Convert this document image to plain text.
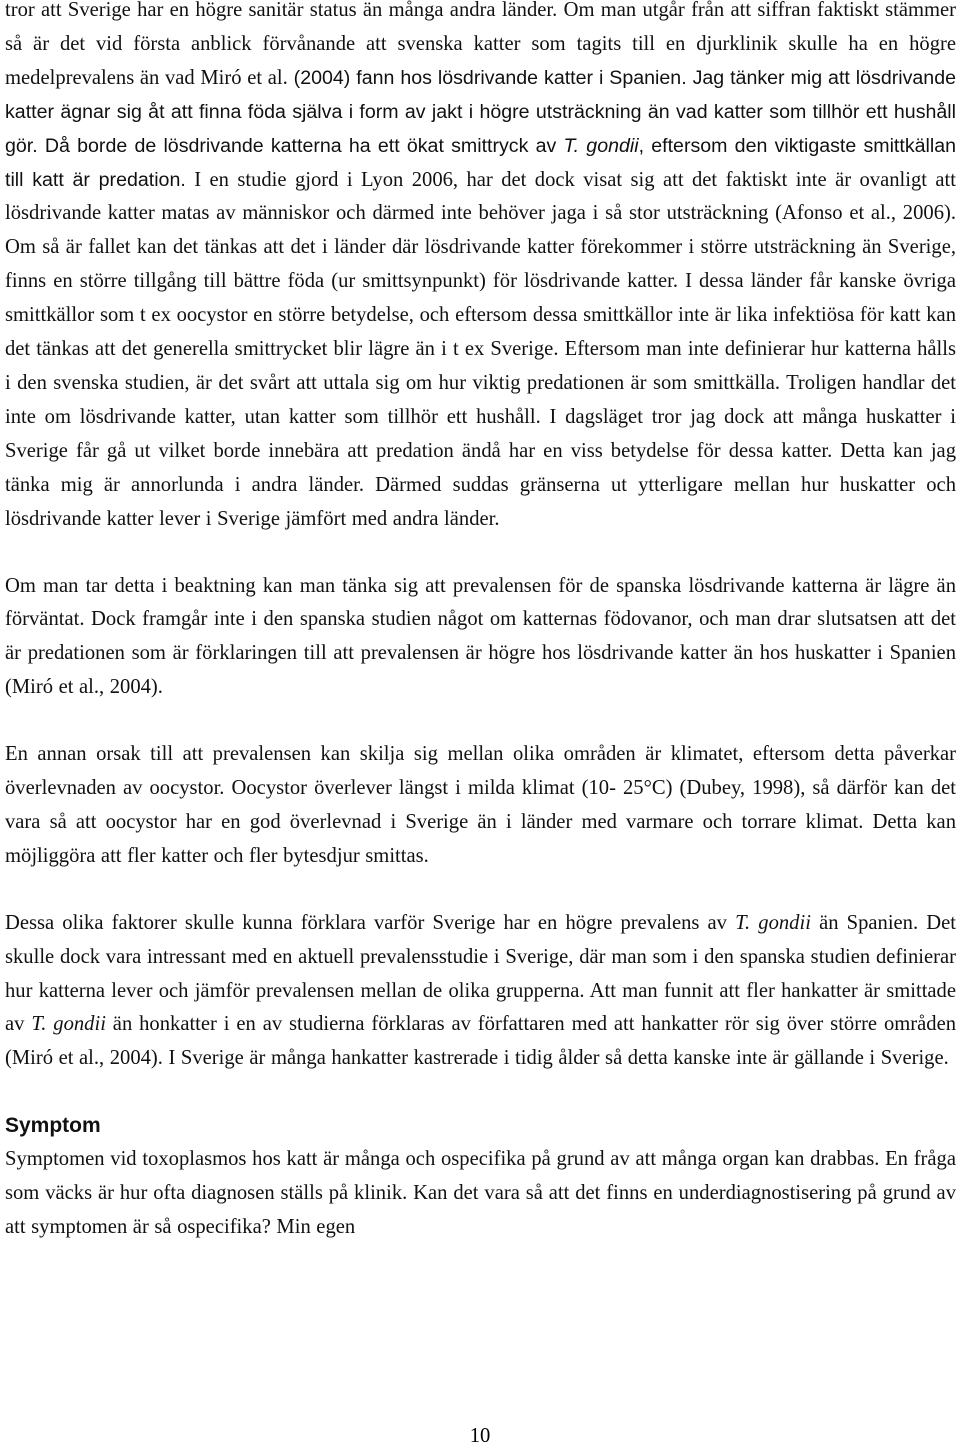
tror att Sverige har en högre sanitär status än många andra länder. Om man utgår från att siffran faktiskt stämmer så är det vid första anblick förvånande att svenska katter som tagits till en djurklinik skulle ha en högre medelprevalens än vad Miró et al. (2004) fann hos lösdrivande katter i Spanien. Jag tänker mig att lösdrivande katter ägnar sig åt att finna föda själva i form av jakt i högre utsträckning än vad katter som tillhör ett hushåll gör. Då borde de lösdrivande katterna ha ett ökat smittryck av T. gondii, eftersom den viktigaste smittkällan till katt är predation. I en studie gjord i Lyon 2006, har det dock visat sig att det faktiskt inte är ovanligt att lösdrivande katter matas av människor och därmed inte behöver jaga i så stor utsträckning (Afonso et al., 2006). Om så är fallet kan det tänkas att det i länder där lösdrivande katter förekommer i större utsträckning än Sverige, finns en större tillgång till bättre föda (ur smittsynpunkt) för lösdrivande katter. I dessa länder får kanske övriga smittkällor som t ex oocystor en större betydelse, och eftersom dessa smittkällor inte är lika infektiösa för katt kan det tänkas att det generella smittrycket blir lägre än i t ex Sverige. Eftersom man inte definierar hur katterna hålls i den svenska studien, är det svårt att uttala sig om hur viktig predationen är som smittkälla. Troligen handlar det inte om lösdrivande katter, utan katter som tillhör ett hushåll. I dagsläget tror jag dock att många huskatter i Sverige får gå ut vilket borde innebära att predation ändå har en viss betydelse för dessa katter. Detta kan jag tänka mig är annorlunda i andra länder. Därmed suddas gränserna ut ytterligare mellan hur huskatter och lösdrivande katter lever i Sverige jämfört med andra länder.

Om man tar detta i beaktning kan man tänka sig att prevalensen för de spanska lösdrivande katterna är lägre än förväntat. Dock framgår inte i den spanska studien något om katternas födovanor, och man drar slutsatsen att det är predationen som är förklaringen till att prevalensen är högre hos lösdrivande katter än hos huskatter i Spanien (Miró et al., 2004).

En annan orsak till att prevalensen kan skilja sig mellan olika områden är klimatet, eftersom detta påverkar överlevnaden av oocystor. Oocystor överlever längst i milda klimat (10- 25°C) (Dubey, 1998), så därför kan det vara så att oocystor har en god överlevnad i Sverige än i länder med varmare och torrare klimat. Detta kan möjliggöra att fler katter och fler bytesdjur smittas.

Dessa olika faktorer skulle kunna förklara varför Sverige har en högre prevalens av T. gondii än Spanien. Det skulle dock vara intressant med en aktuell prevalensstudie i Sverige, där man som i den spanska studien definierar hur katterna lever och jämför prevalensen mellan de olika grupperna. Att man funnit att fler hankatter är smittade av T. gondii än honkatter i en av studierna förklaras av författaren med att hankatter rör sig över större områden (Miró et al., 2004). I Sverige är många hankatter kastrerade i tidig ålder så detta kanske inte är gällande i Sverige.

Symptom

Symptomen vid toxoplasmos hos katt är många och ospecifika på grund av att många organ kan drabbas. En fråga som väcks är hur ofta diagnosen ställs på klinik. Kan det vara så att det finns en underdiagnostisering på grund av att symptomen är så ospecifika? Min egen

10
